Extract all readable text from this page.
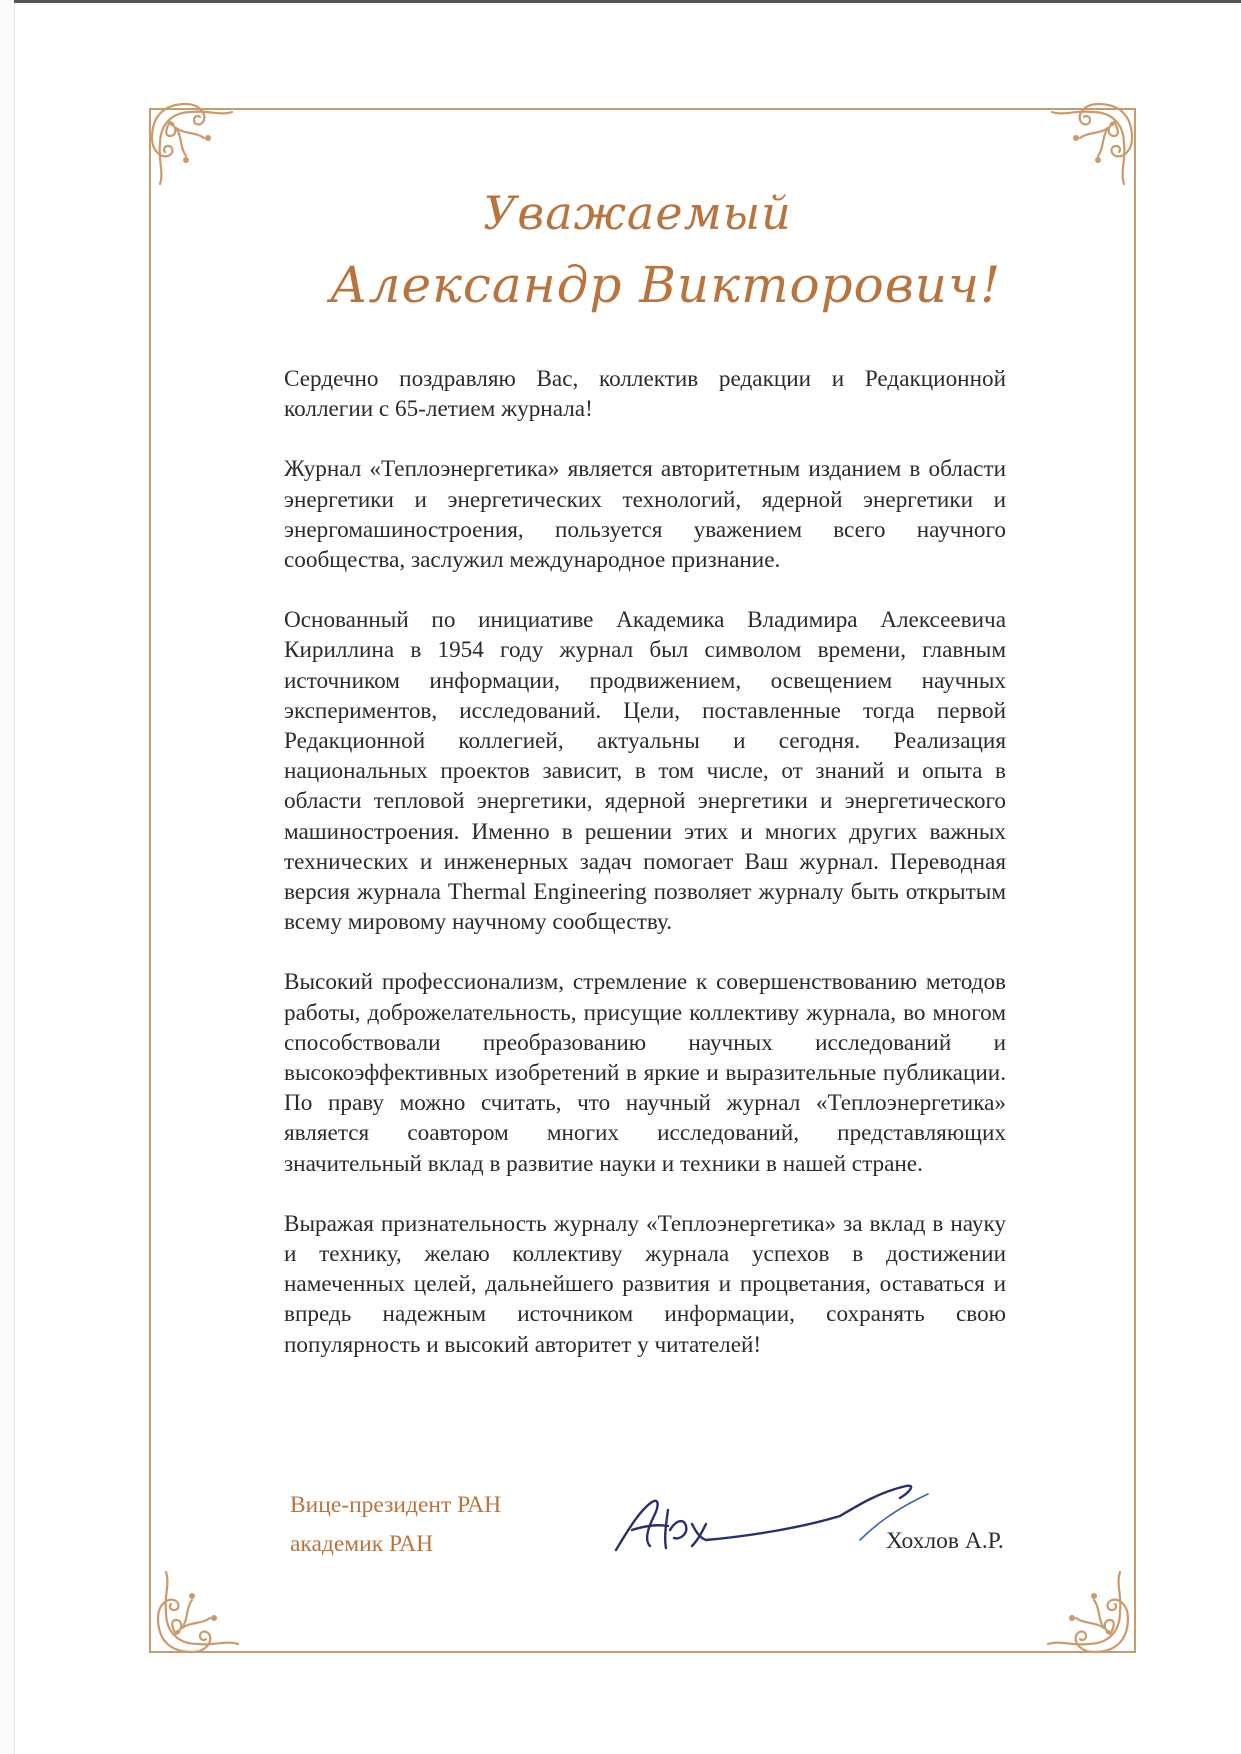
Уважаемый
Александр Викторович!

Сердечно поздравляю Вас, коллектив редакции и Редакционной коллегии с 65-летием журнала!

Журнал «Теплоэнергетика» является авторитетным изданием в области энергетики и энергетических технологий, ядерной энергетики и энергомашиностроения, пользуется уважением всего научного сообщества, заслужил международное признание.

Основанный по инициативе Академика Владимира Алексеевича Кириллина в 1954 году журнал был символом времени, главным источником информации, продвижением, освещением научных экспериментов, исследований. Цели, поставленные тогда первой Редакционной коллегией, актуальны и сегодня. Реализация национальных проектов зависит, в том числе, от знаний и опыта в области тепловой энергетики, ядерной энергетики и энергетического машиностроения. Именно в решении этих и многих других важных технических и инженерных задач помогает Ваш журнал. Переводная версия журнала Thermal Engineering позволяет журналу быть открытым всему мировому научному сообществу.

Высокий профессионализм, стремление к совершенствованию методов работы, доброжелательность, присущие коллективу журнала, во многом способствовали преобразованию научных исследований и высокоэффективных изобретений в яркие и выразительные публикации. По праву можно считать, что научный журнал «Теплоэнергетика» является соавтором многих исследований, представляющих значительный вклад в развитие науки и техники в нашей стране.

Выражая признательность журналу «Теплоэнергетика» за вклад в науку и технику, желаю коллективу журнала успехов в достижении намеченных целей, дальнейшего развития и процветания, оставаться и впредь надежным источником информации, сохранять свою популярность и высокий авторитет у читателей!

Вице-президент РАН
академик РАН	Хохлов А.Р.
